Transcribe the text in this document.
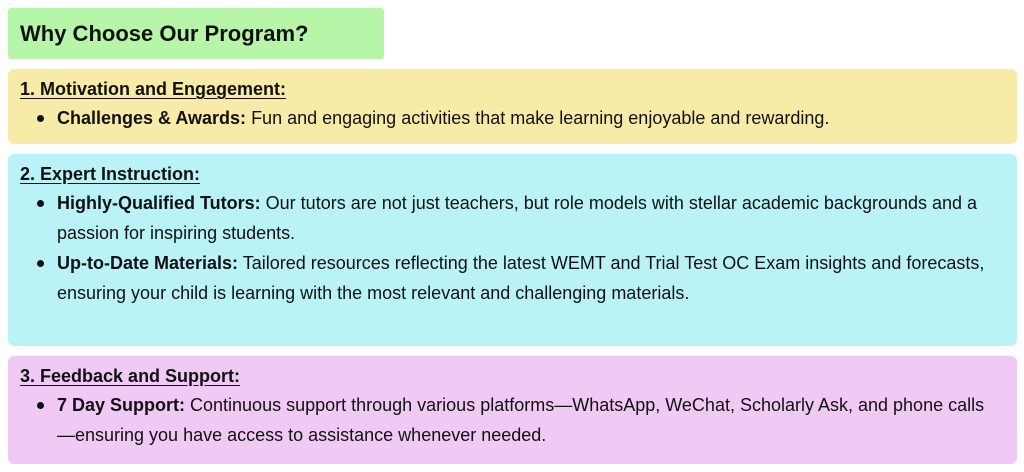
Why Choose Our Program?
1. Motivation and Engagement:
Challenges & Awards: Fun and engaging activities that make learning enjoyable and rewarding.
2. Expert Instruction:
Highly-Qualified Tutors: Our tutors are not just teachers, but role models with stellar academic backgrounds and a passion for inspiring students.
Up-to-Date Materials: Tailored resources reflecting the latest WEMT and Trial Test OC Exam insights and forecasts, ensuring your child is learning with the most relevant and challenging materials.
3. Feedback and Support:
7 Day Support: Continuous support through various platforms—WhatsApp, WeChat, Scholarly Ask, and phone calls—ensuring you have access to assistance whenever needed.
